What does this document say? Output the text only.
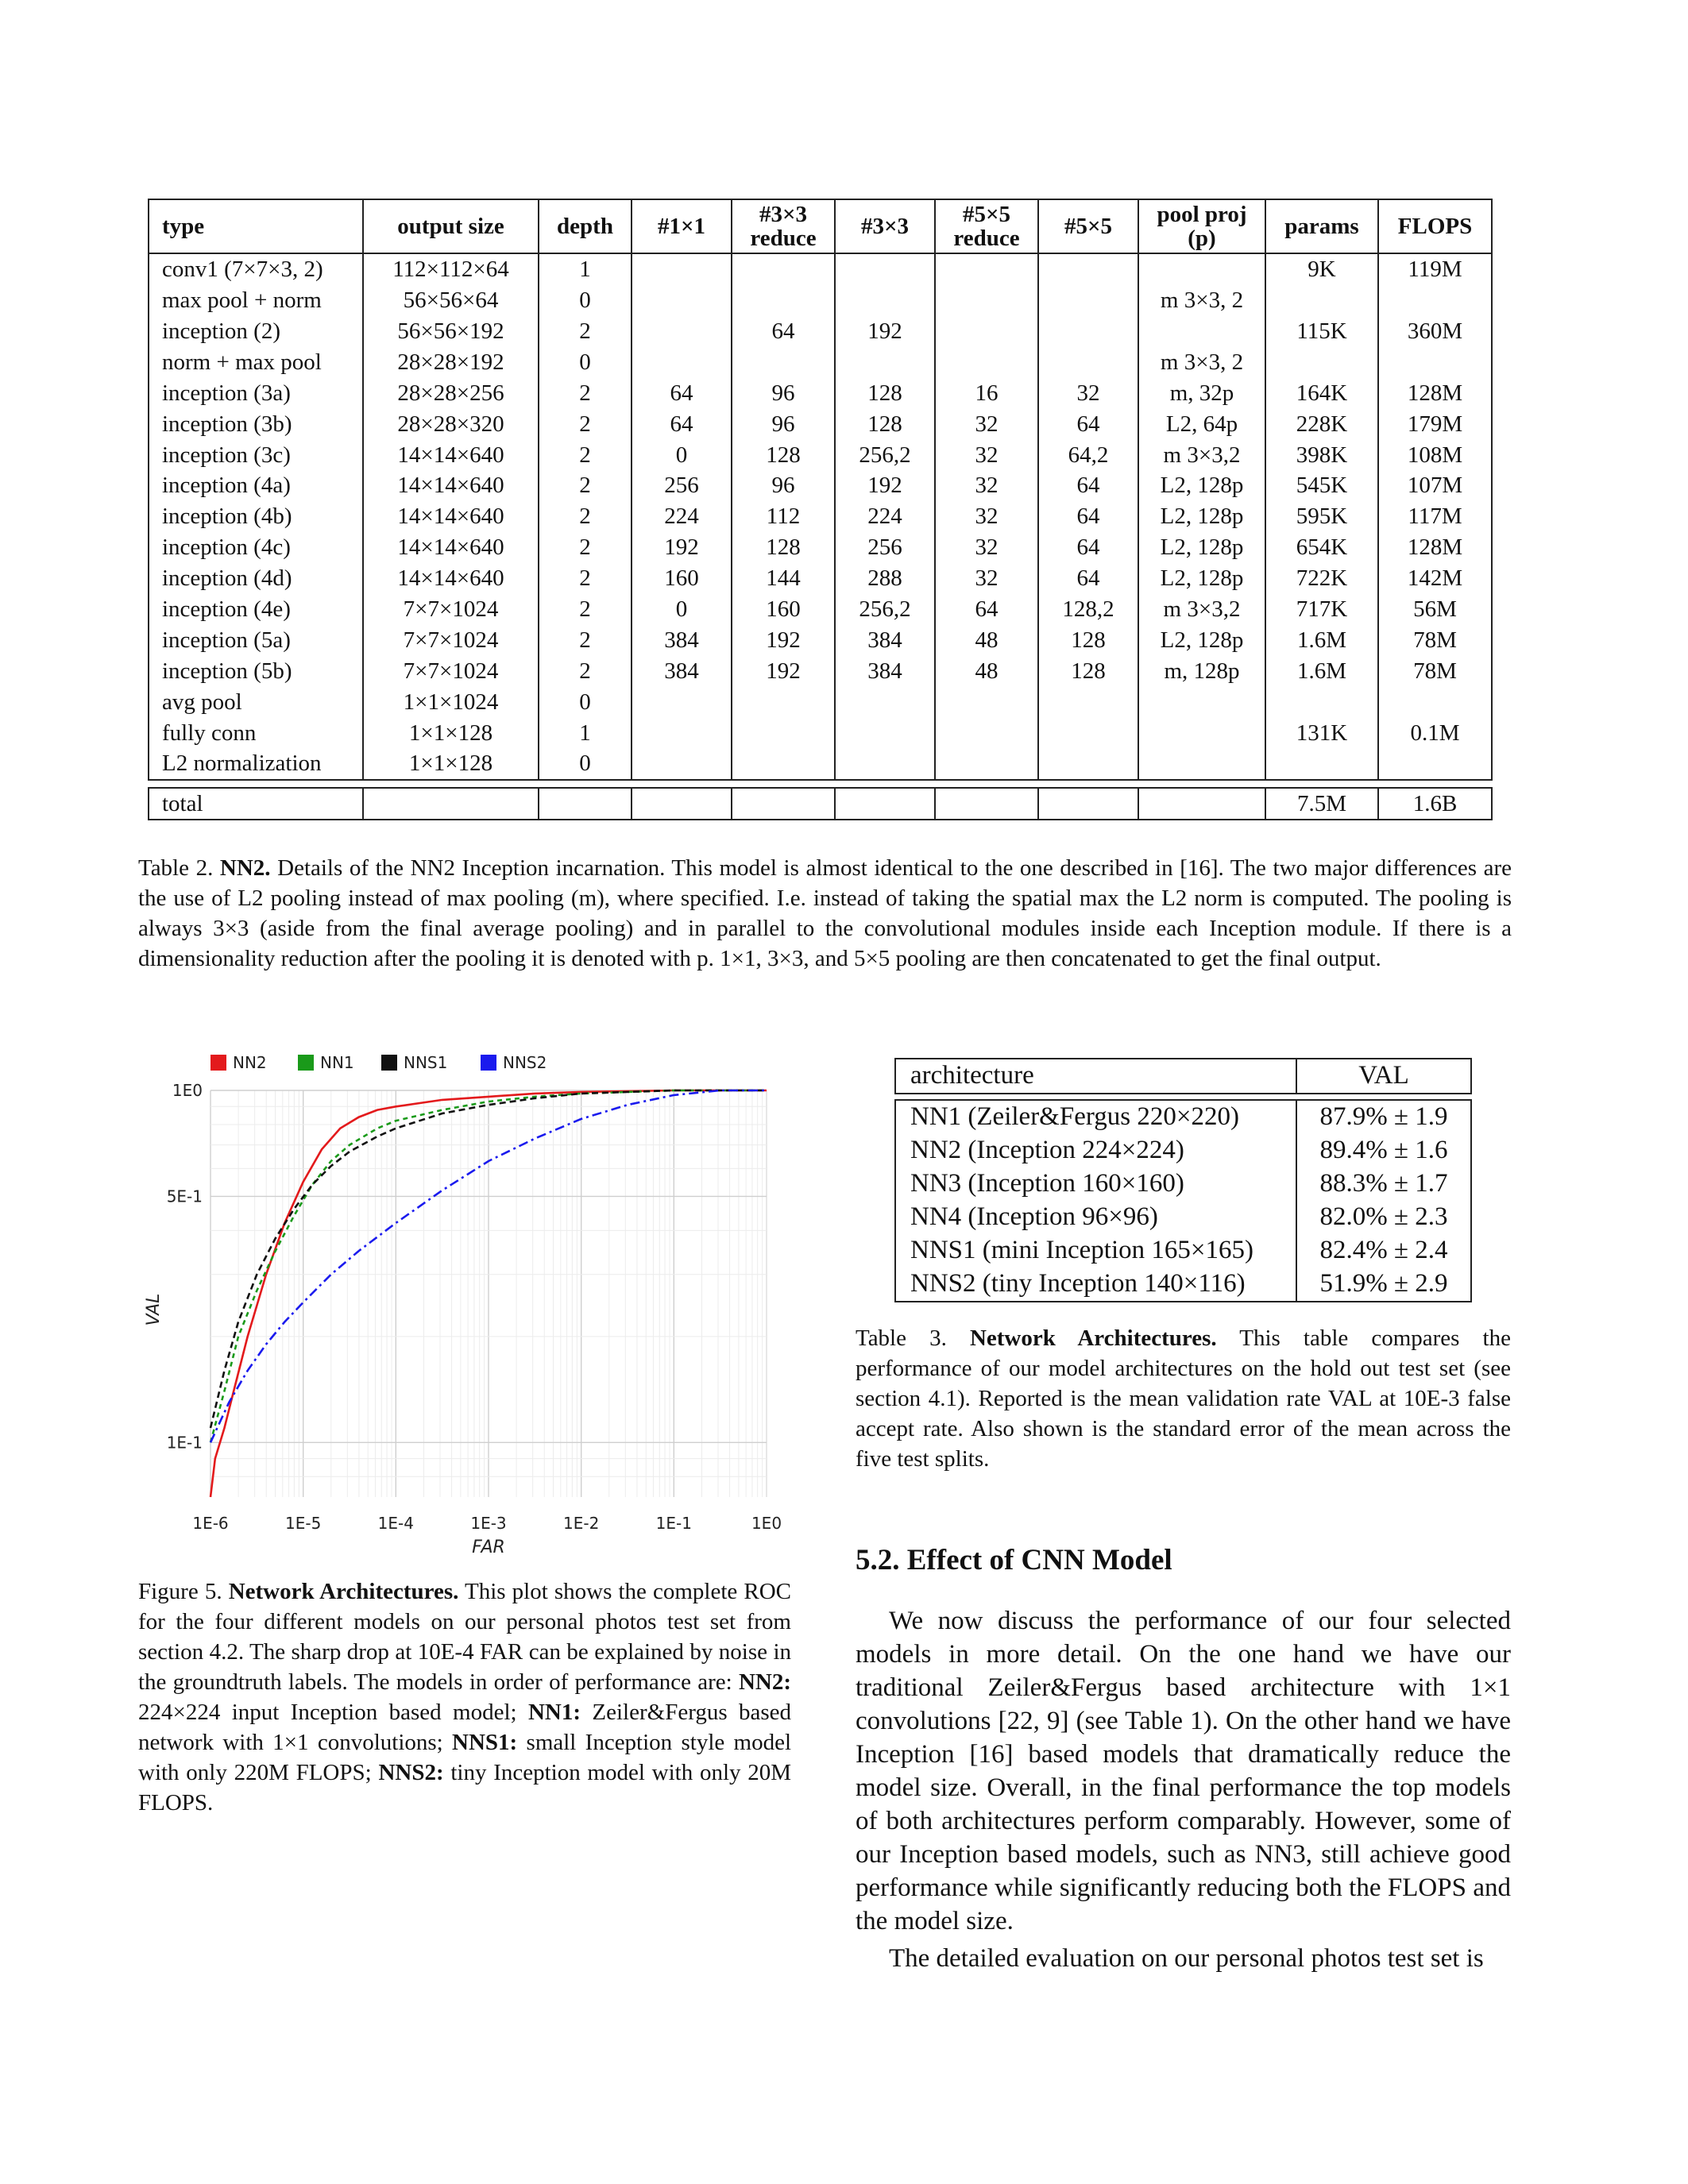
type	output size	depth	#1×1	#3×3 reduce	#3×3	#5×5 reduce	#5×5	pool proj (p)	params	FLOPS
conv1 (7×7×3, 2)	112×112×64	1							9K	119M
max pool + norm	56×56×64	0						m 3×3, 2		
inception (2)	56×56×192	2		64	192				115K	360M
norm + max pool	28×28×192	0						m 3×3, 2		
inception (3a)	28×28×256	2	64	96	128	16	32	m, 32p	164K	128M
inception (3b)	28×28×320	2	64	96	128	32	64	L2, 64p	228K	179M
inception (3c)	14×14×640	2	0	128	256,2	32	64,2	m 3×3,2	398K	108M
inception (4a)	14×14×640	2	256	96	192	32	64	L2, 128p	545K	107M
inception (4b)	14×14×640	2	224	112	224	32	64	L2, 128p	595K	117M
inception (4c)	14×14×640	2	192	128	256	32	64	L2, 128p	654K	128M
inception (4d)	14×14×640	2	160	144	288	32	64	L2, 128p	722K	142M
inception (4e)	7×7×1024	2	0	160	256,2	64	128,2	m 3×3,2	717K	56M
inception (5a)	7×7×1024	2	384	192	384	48	128	L2, 128p	1.6M	78M
inception (5b)	7×7×1024	2	384	192	384	48	128	m, 128p	1.6M	78M
avg pool	1×1×1024	0								
fully conn	1×1×128	1							131K	0.1M
L2 normalization	1×1×128	0								

total									7.5M	1.6B
Table 2. NN2. Details of the NN2 Inception incarnation. This model is almost identical to the one described in [16]. The two major differences are the use of L2 pooling instead of max pooling (m), where specified. I.e. instead of taking the spatial max the L2 norm is computed. The pooling is always 3×3 (aside from the final average pooling) and in parallel to the convolutional modules inside each Inception module. If there is a dimensionality reduction after the pooling it is denoted with p. 1×1, 3×3, and 5×5 pooling are then concatenated to get the final output.
NN2	NN1	NNS1	NNS2
1E-6	1E-5	1E-4	1E-3	1E-2	1E-1	1E0
1E0
5E-1
1E-1
FAR
VAL
Figure 5. Network Architectures. This plot shows the complete ROC for the four different models on our personal photos test set from section 4.2. The sharp drop at 10E-4 FAR can be explained by noise in the groundtruth labels. The models in order of performance are: NN2: 224×224 input Inception based model; NN1: Zeiler&Fergus based network with 1×1 convolutions; NNS1: small Inception style model with only 220M FLOPS; NNS2: tiny Inception model with only 20M FLOPS.
architecture	VAL

NN1 (Zeiler&Fergus 220×220)	87.9% ± 1.9
NN2 (Inception 224×224)	89.4% ± 1.6
NN3 (Inception 160×160)	88.3% ± 1.7
NN4 (Inception 96×96)	82.0% ± 2.3
NNS1 (mini Inception 165×165)	82.4% ± 2.4
NNS2 (tiny Inception 140×116)	51.9% ± 2.9
Table 3. Network Architectures. This table compares the performance of our model architectures on the hold out test set (see section 4.1). Reported is the mean validation rate VAL at 10E-3 false accept rate. Also shown is the standard error of the mean across the five test splits.
5.2. Effect of CNN Model
We now discuss the performance of our four selected models in more detail. On the one hand we have our traditional Zeiler&Fergus based architecture with 1×1 convolutions [22, 9] (see Table 1). On the other hand we have Inception [16] based models that dramatically reduce the model size. Overall, in the final performance the top models of both architectures perform comparably. However, some of our Inception based models, such as NN3, still achieve good performance while significantly reducing both the FLOPS and the model size.
The detailed evaluation on our personal photos test set is
